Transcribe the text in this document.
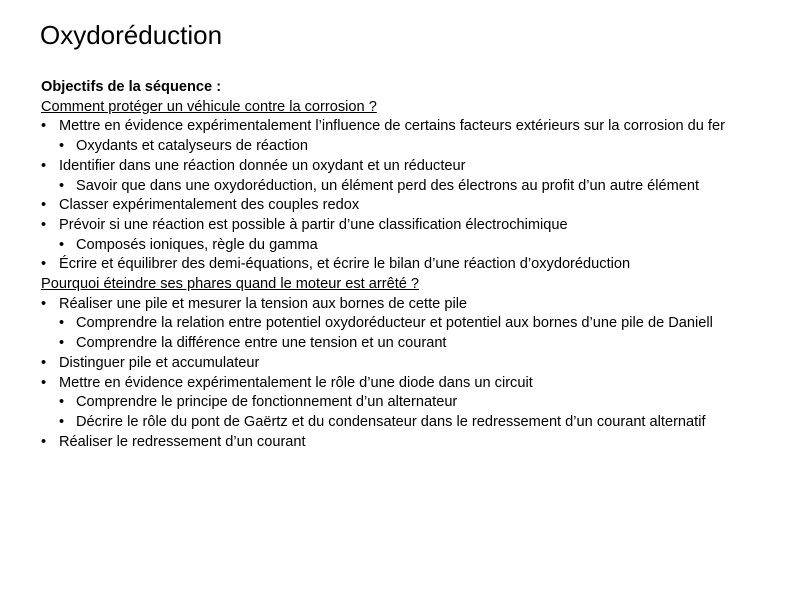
Oxydoréduction
Objectifs de la séquence :
Comment protéger un véhicule contre la corrosion ?
• Mettre en évidence expérimentalement l’influence de certains facteurs extérieurs sur la corrosion du fer
• Oxydants et catalyseurs de réaction
• Identifier dans une réaction donnée un oxydant et un réducteur
• Savoir que dans une oxydoréduction, un élément perd des électrons au profit d’un autre élément
• Classer expérimentalement des couples redox
• Prévoir si une réaction est possible à partir d’une classification électrochimique
• Composés ioniques, règle du gamma
• Écrire et équilibrer des demi-équations, et écrire le bilan d’une réaction d’oxydoréduction
Pourquoi éteindre ses phares quand le moteur est arrêté ?
• Réaliser une pile et mesurer la tension aux bornes de cette pile
• Comprendre la relation entre potentiel oxydoréducteur et potentiel aux bornes d’une pile de Daniell
• Comprendre la différence entre une tension et un courant
• Distinguer pile et accumulateur
• Mettre en évidence expérimentalement le rôle d’une diode dans un circuit
• Comprendre le principe de fonctionnement d’un alternateur
• Décrire le rôle du pont de Gaërtz et du condensateur dans le redressement d’un courant alternatif
• Réaliser le redressement d’un courant
